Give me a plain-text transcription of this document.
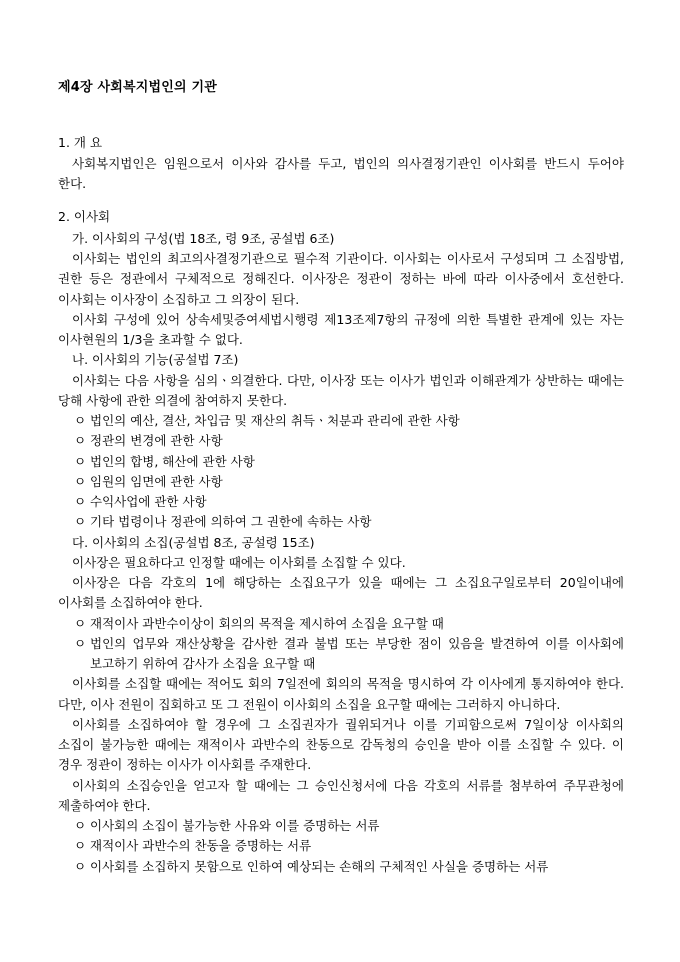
제4장 사회복지법인의 기관

1. 개 요

사회복지법인은 임원으로서 이사와 감사를 두고, 법인의 의사결정기관인 이사회를 반드시 두어야 한다.

2. 이사회

가. 이사회의 구성(법 18조, 령 9조, 공설법 6조)

이사회는 법인의 최고의사결정기관으로 필수적 기관이다. 이사회는 이사로서 구성되며 그 소집방법, 권한 등은 정관에서 구체적으로 정해진다. 이사장은 정관이 정하는 바에 따라 이사중에서 호선한다. 이사회는 이사장이 소집하고 그 의장이 된다.

이사회 구성에 있어 상속세및증여세법시행령 제13조제7항의 규정에 의한 특별한 관계에 있는 자는 이사현원의 1/3을 초과할 수 없다.

나. 이사회의 기능(공설법 7조)

이사회는 다음 사항을 심의ㆍ의결한다. 다만, 이사장 또는 이사가 법인과 이해관계가 상반하는 때에는 당해 사항에 관한 의결에 참여하지 못한다.

ㅇ 법인의 예산, 결산, 차입금 및 재산의 취득ㆍ처분과 관리에 관한 사항

ㅇ 정관의 변경에 관한 사항

ㅇ 법인의 합병, 해산에 관한 사항

ㅇ 임원의 임면에 관한 사항

ㅇ 수익사업에 관한 사항

ㅇ 기타 법령이나 정관에 의하여 그 권한에 속하는 사항

다. 이사회의 소집(공설법 8조, 공설령 15조)

이사장은 필요하다고 인정할 때에는 이사회를 소집할 수 있다.

이사장은 다음 각호의 1에 해당하는 소집요구가 있을 때에는 그 소집요구일로부터 20일이내에 이사회를 소집하여야 한다.

ㅇ 재적이사 과반수이상이 회의의 목적을 제시하여 소집을 요구할 때

ㅇ 법인의 업무와 재산상황을 감사한 결과 불법 또는 부당한 점이 있음을 발견하여 이를 이사회에 보고하기 위하여 감사가 소집을 요구할 때

이사회를 소집할 때에는 적어도 회의 7일전에 회의의 목적을 명시하여 각 이사에게 통지하여야 한다. 다만, 이사 전원이 집회하고 또 그 전원이 이사회의 소집을 요구할 때에는 그러하지 아니하다.

이사회를 소집하여야 할 경우에 그 소집권자가 궐위되거나 이를 기피함으로써 7일이상 이사회의 소집이 불가능한 때에는 재적이사 과반수의 찬동으로 감독청의 승인을 받아 이를 소집할 수 있다. 이 경우 정관이 정하는 이사가 이사회를 주재한다.

이사회의 소집승인을 얻고자 할 때에는 그 승인신청서에 다음 각호의 서류를 첨부하여 주무관청에 제출하여야 한다.

ㅇ 이사회의 소집이 불가능한 사유와 이를 증명하는 서류

ㅇ 재적이사 과반수의 찬동을 증명하는 서류

ㅇ 이사회를 소집하지 못함으로 인하여 예상되는 손해의 구체적인 사실을 증명하는 서류
